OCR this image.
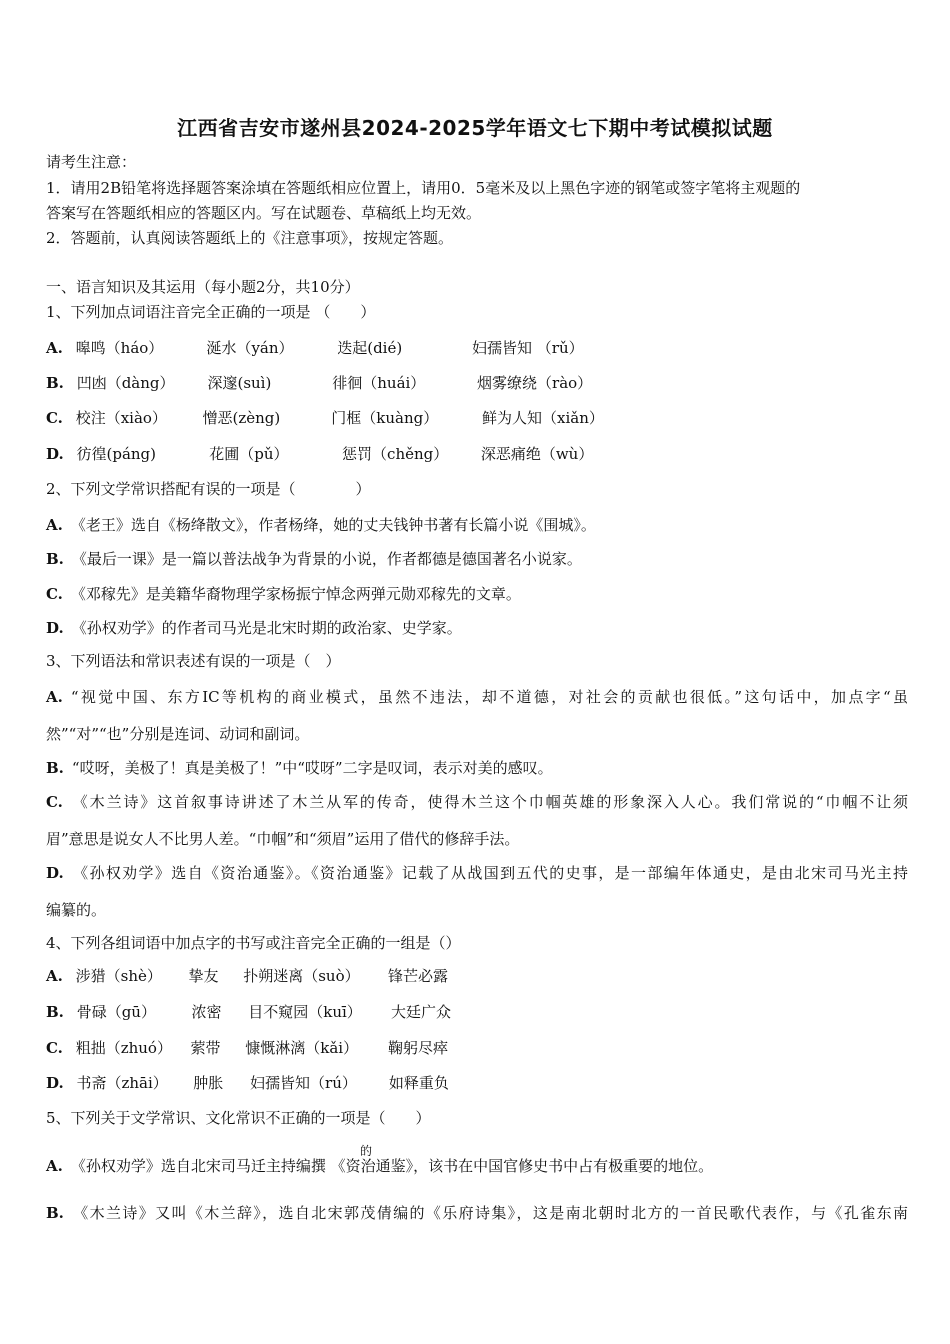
江西省吉安市遂州县2024-2025学年语文七下期中考试模拟试题
请考生注意：
1．请用2B铅笔将选择题答案涂填在答题纸相应位置上，请用0．5毫米及以上黑色字迹的钢笔或签字笔将主观题的
答案写在答题纸相应的答题区内。写在试题卷、草稿纸上均无效。
2．答题前，认真阅读答题纸上的《注意事项》，按规定答题。
一、语言知识及其运用（每小题2分，共10分）
1、下列加点词语注音完全正确的一项是 （　　）
A. 嗥鸣（háo）	涎水（yán）	迭起(dié)	妇孺皆知 （rǔ）
B. 凹凼（dàng） 深邃(suì)	徘徊（huái）	烟雾缭绕（rào）
C. 校注（xiào） 憎恶(zèng)	门框（kuàng）	鲜为人知（xiǎn）
D. 彷徨(páng)	花圃（pǔ）	惩罚（chěng） 深恶痛绝（wù）
2、下列文学常识搭配有误的一项是（　　　　）
A. 《老王》选自《杨绛散文》，作者杨绛，她的丈夫钱钟书著有长篇小说《围城》。
B. 《最后一课》是一篇以普法战争为背景的小说，作者都德是德国著名小说家。
C. 《邓稼先》是美籍华裔物理学家杨振宁悼念两弹元勋邓稼先的文章。
D. 《孙权劝学》的作者司马光是北宋时期的政治家、史学家。
3、下列语法和常识表述有误的一项是（　）
A. “视觉中国、东方IC等机构的商业模式，虽然不违法，却不道德，对社会的贡献也很低。”这句话中，加点字“虽
然”“对”“也”分别是连词、动词和副词。
B. “哎呀，美极了！真是美极了！”中“哎呀”二字是叹词，表示对美的感叹。
C. 《木兰诗》这首叙事诗讲述了木兰从军的传奇，使得木兰这个巾帼英雄的形象深入人心。我们常说的“巾帼不让须
眉”意思是说女人不比男人差。“巾帼”和“须眉”运用了借代的修辞手法。
D. 《孙权劝学》选自《资治通鉴》。《资治通鉴》记载了从战国到五代的史事，是一部编年体通史，是由北宋司马光主持
编纂的。
4、下列各组词语中加点字的书写或注音完全正确的一组是（）
A. 涉猎（shè） 挚友 扑朔迷离（suò） 锋芒必露
B. 骨碌（gū） 浓密 目不窥园（kuī） 大廷广众
C. 粗拙（zhuó） 萦带 慷慨淋漓（kǎi） 鞠躬尽瘁
D. 书斋（zhāi） 肿胀 妇孺皆知（rú） 如释重负
5、下列关于文学常识、文化常识不正确的一项是（　　）
的
A. 《孙权劝学》选自北宋司马迁主持编撰 《资治通鉴》，该书在中国官修史书中占有极重要的地位。
B. 《木兰诗》又叫《木兰辞》，选自北宋郭茂倩编的《乐府诗集》，这是南北朝时北方的一首民歌代表作，与《孔雀东南
